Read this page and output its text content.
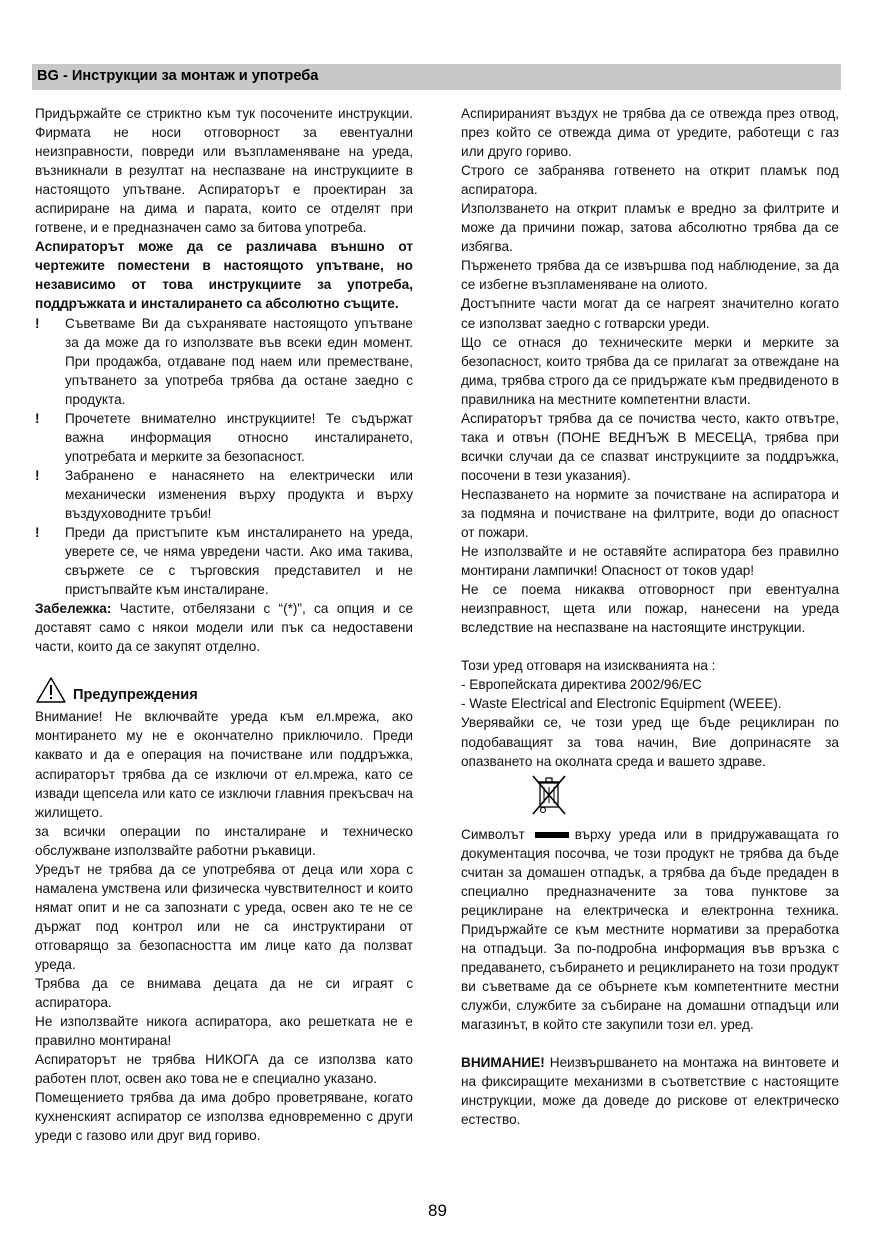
BG - Инструкции за монтаж и употреба

Придържайте се стриктно към тук посочените инструкции. Фирмата не носи отговорност за евентуални неизправности, повреди или възпламеняване на уреда, възникнали в резултат на неспазване на инструкциите в настоящото упътване. Аспираторът е проектиран за аспириране на дима и парата, които се отделят при готвене, и е предназначен само за битова употреба.

Аспираторът може да се различава външно от чертежите поместени в настоящото упътване, но независимо от това инструкциите за употреба, поддръжката и инсталирането са абсолютно същите.

! Съветваме Ви да съхранявате настоящото упътване за да може да го използвате във всеки един момент. При продажба, отдаване под наем или преместване, упътването за употреба трябва да остане заедно с продукта.
! Прочетете внимателно инструкциите! Те съдържат важна информация относно инсталирането, употребата и мерките за безопасност.
! Забранено е нанасянето на електрически или механически изменения върху продукта и върху въздуховодните тръби!
! Преди да пристъпите към инсталирането на уреда, уверете се, че няма увредени части. Ако има такива, свържете се с търговския представител и не пристъпвайте към инсталиране.

Забележка: Частите, отбелязани с “(*)”, са опция и се доставят само с някои модели или пък са недоставени части, които да се закупят отделно.

Предупреждения

Внимание! Не включвайте уреда към ел.мрежа, ако монтирането му не е окончателно приключило. Преди каквато и да е операция на почистване или поддръжка, аспираторът трябва да се изключи от ел.мрежа, като се извади щепсела или като се изключи главния прекъсвач на жилището.

за всички операции по инсталиране и техническо обслужване използвайте работни ръкавици.

Уредът не трябва да се употребява от деца или хора с намалена умствена или физическа чувствителност и които нямат опит и не са запознати с уреда, освен ако те не се държат под контрол или не са инструктирани от отговарящо за безопасността им лице като да ползват уреда.

Трябва да се внимава децата да не си играят с аспиратора.

Не използвайте никога аспиратора, ако решетката не е правилно монтирана!

Аспираторът не трябва НИКОГА да се използва като работен плот, освен ако това не е специално указано.

Помещението трябва да има добро проветряване, когато кухненският аспиратор се използва едновременно с други уреди с газово или друг вид гориво.

Аспирираният въздух не трябва да се отвежда през отвод, през който се отвежда дима от уредите, работещи с газ или друго гориво.

Строго се забранява готвенето на открит пламък под аспиратора.

Използването на открит пламък е вредно за филтрите и може да причини пожар, затова абсолютно трябва да се избягва.

Пърженето трябва да се извършва под наблюдение, за да се избегне възпламеняване на олиото.

Достъпните части могат да се нагреят значително когато се използват заедно с готварски уреди.

Що се отнася до техническите мерки и мерките за безопасност, които трябва да се прилагат за отвеждане на дима, трябва строго да се придържате към предвиденото в правилника на местните компетентни власти.

Аспираторът трябва да се почиства често, както отвътре, така и отвън (ПОНЕ ВЕДНЪЖ В МЕСЕЦА, трябва при всички случаи да се спазват инструкциите за поддръжка, посочени в тези указания).

Неспазването на нормите за почистване на аспиратора и за подмяна и почистване на филтрите, води до опасност от пожари.

Не използвайте и не оставяйте аспиратора без правилно монтирани лампички! Опасност от токов удар!

Не се поема никаква отговорност при евентуална неизправност, щета или пожар, нанесени на уреда вследствие на неспазване на настоящите инструкции.

Този уред отговаря на изискванията на :

- Европейската директива 2002/96/ЕС

- Waste Electrical and Electronic Equipment (WEEE).

Уверявайки се, че този уред ще бъде рециклиран по подобаващият за това начин, Вие допринасяте за опазването на околната среда и вашето здраве.

Символът	върху уреда или в придружаващата го документация посочва, че този продукт не трябва да бъде считан за домашен отпадък, а трябва да бъде предаден в специално предназначените за това пунктове за рециклиране на електрическа и електронна техника. Придържайте се към местните нормативи за преработка на отпадъци. За по-подробна информация във връзка с предаването, събирането и рециклирането на този продукт ви съветваме да се обърнете към компетентните местни служби, службите за събиране на домашни отпадъци или магазинът, в който сте закупили този ел. уред.

ВНИМАНИЕ! Неизвършването на монтажа на винтовете и на фиксиращите механизми в съответствие с настоящите инструкции, може да доведе до рискове от електрическо естество.

89
